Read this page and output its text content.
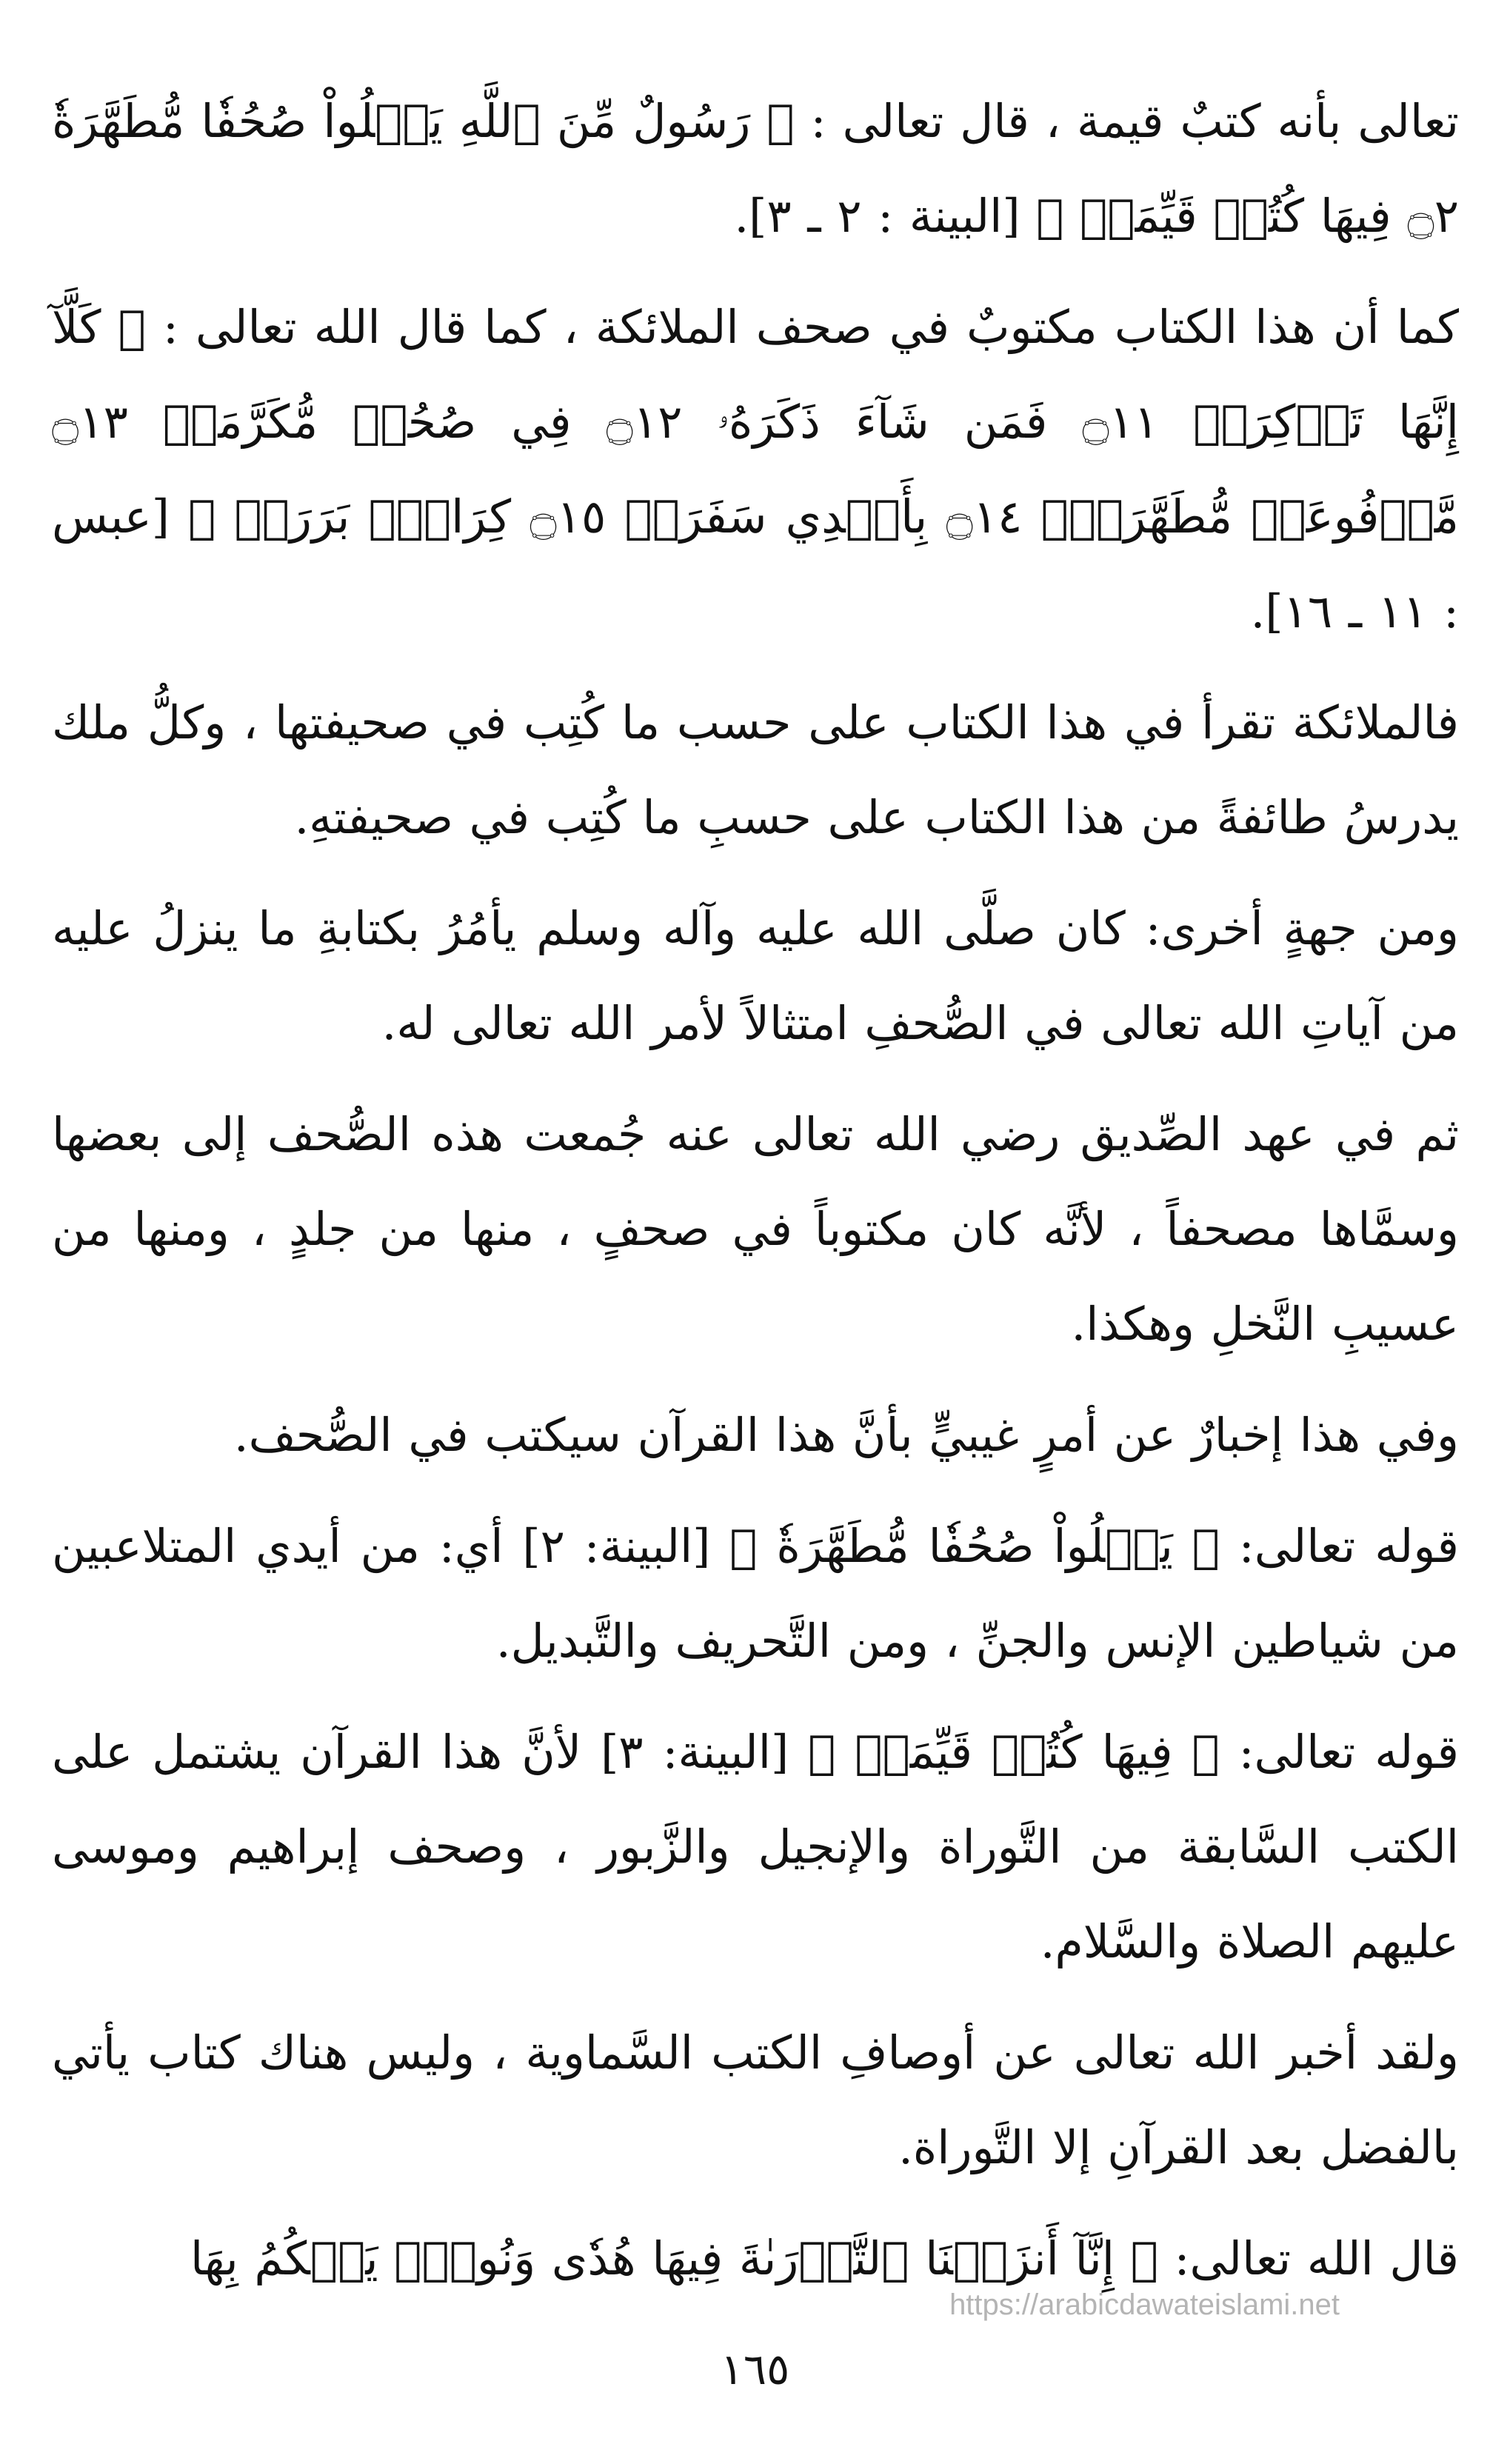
تعالى بأنه كتبٌ قيمة ، قال تعالى : ﴿ رَسُولٌ مِّنَ ٱللَّهِ يَتۡلُواْ صُحُفٗا مُّطَهَّرَةٗ ۝٢ فِيهَا كُتُبٞ قَيِّمَةٞ ﴾ [البينة : ٢ ـ ٣].

كما أن هذا الكتاب مكتوبٌ في صحف الملائكة ، كما قال الله تعالى : ﴿ كَلَّآ إِنَّهَا تَذۡكِرَةٞ ۝١١ فَمَن شَآءَ ذَكَرَهُۥ ۝١٢ فِي صُحُفٖ مُّكَرَّمَةٖ ۝١٣ مَّرۡفُوعَةٖ مُّطَهَّرَةِۭ ۝١٤ بِأَيۡدِي سَفَرَةٖ ۝١٥ كِرَامِۭ بَرَرَةٖ ﴾ [عبس : ١١ ـ ١٦].

فالملائكة تقرأ في هذا الكتاب على حسب ما كُتِب في صحيفتها ، وكلُّ ملك يدرسُ طائفةً من هذا الكتاب على حسبِ ما كُتِب في صحيفتهِ.

ومن جهةٍ أخرى: كان صلَّى الله عليه وآله وسلم يأمُرُ بكتابةِ ما ينزلُ عليه من آياتِ الله تعالى في الصُّحفِ امتثالاً لأمر الله تعالى له.

ثم في عهد الصِّديق رضي الله تعالى عنه جُمعت هذه الصُّحف إلى بعضها وسمَّاها مصحفاً ، لأنَّه كان مكتوباً في صحفٍ ، منها من جلدٍ ، ومنها من عسيبِ النَّخلِ وهكذا.

وفي هذا إخبارٌ عن أمرٍ غيبيٍّ بأنَّ هذا القرآن سيكتب في الصُّحف.

قوله تعالى: ﴿ يَتۡلُواْ صُحُفٗا مُّطَهَّرَةٗ ﴾ [البينة: ٢] أي: من أيدي المتلاعبين من شياطين الإنس والجنِّ ، ومن التَّحريف والتَّبديل.

قوله تعالى: ﴿ فِيهَا كُتُبٞ قَيِّمَةٞ ﴾ [البينة: ٣] لأنَّ هذا القرآن يشتمل على الكتب السَّابقة من التَّوراة والإنجيل والزَّبور ، وصحف إبراهيم وموسى عليهم الصلاة والسَّلام.

ولقد أخبر الله تعالى عن أوصافِ الكتب السَّماوية ، وليس هناك كتاب يأتي بالفضل بعد القرآنِ إلا التَّوراة.

قال الله تعالى: ﴿ إِنَّآ أَنزَلۡنَا ٱلتَّوۡرَىٰةَ فِيهَا هُدٗى وَنُورٞۚ يَحۡكُمُ بِهَا

https://arabicdawateislami.net
١٦٥
